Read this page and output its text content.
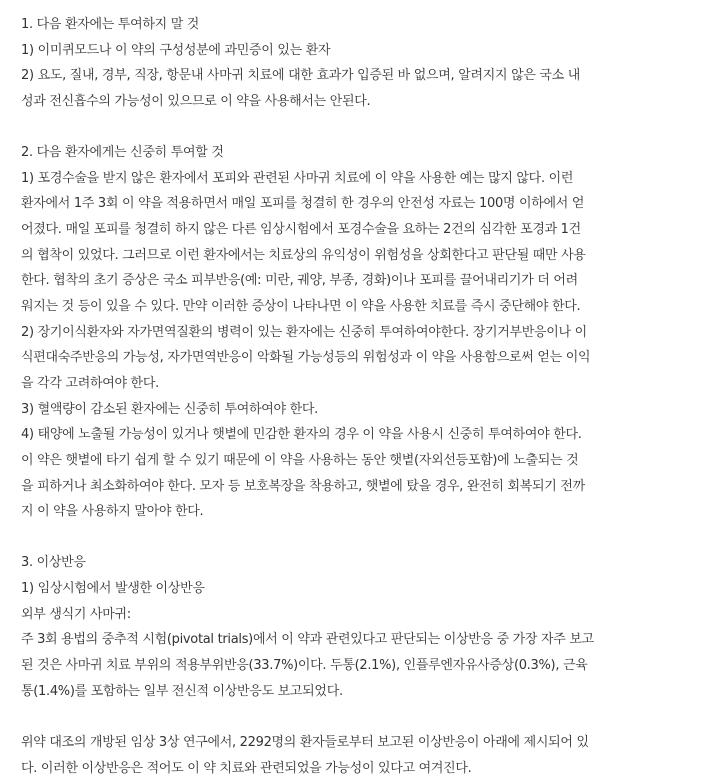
1. 다음 환자에는 투여하지 말 것
1) 이미퀴모드나 이 약의 구성성분에 과민증이 있는 환자
2) 요도, 질내, 경부, 직장, 항문내 사마귀 치료에 대한 효과가 입증된 바 없으며, 알려지지 않은 국소 내
성과 전신흡수의 가능성이 있으므로 이 약을 사용해서는 안된다.
2. 다음 환자에게는 신중히 투여할 것
1) 포경수술을 받지 않은 환자에서 포피와 관련된 사마귀 치료에 이 약을 사용한 예는 많지 않다. 이런
환자에서 1주 3회 이 약을 적용하면서 매일 포피를 청결히 한 경우의 안전성 자료는 100명 이하에서 얻
어졌다. 매일 포피를 청결히 하지 않은 다른 임상시험에서 포경수술을 요하는 2건의 심각한 포경과 1건
의 협착이 있었다. 그러므로 이런 환자에서는 치료상의 유익성이 위험성을 상회한다고 판단될 때만 사용
한다. 협착의 초기 증상은 국소 피부반응(예: 미란, 궤양, 부종, 경화)이나 포피를 끌어내리기가 더 어려
워지는 것 등이 있을 수 있다. 만약 이러한 증상이 나타나면 이 약을 사용한 치료를 즉시 중단해야 한다.
2) 장기이식환자와 자가면역질환의 병력이 있는 환자에는 신중히 투여하여야한다. 장기거부반응이나 이
식편대숙주반응의 가능성, 자가면역반응이 악화될 가능성등의 위험성과 이 약을 사용함으로써 얻는 이익
을 각각 고려하여야 한다.
3) 혈액량이 감소된 환자에는 신중히 투여하여야 한다.
4) 태양에 노출될 가능성이 있거나 햇볕에 민감한 환자의 경우 이 약을 사용시 신중히 투여하여야 한다.
이 약은 햇볕에 타기 쉽게 할 수 있기 때문에 이 약을 사용하는 동안 햇볕(자외선등포함)에 노출되는 것
을 피하거나 최소화하여야 한다. 모자 등 보호복장을 착용하고, 햇볕에 탔을 경우, 완전히 회복되기 전까
지 이 약을 사용하지 말아야 한다.
3. 이상반응
1) 임상시험에서 발생한 이상반응
외부 생식기 사마귀:
주 3회 용법의 중추적 시험(pivotal trials)에서 이 약과 관련있다고 판단되는 이상반응 중 가장 자주 보고
된 것은 사마귀 치료 부위의 적용부위반응(33.7%)이다. 두통(2.1%), 인플루엔자유사증상(0.3%), 근육
통(1.4%)를 포함하는 일부 전신적 이상반응도 보고되었다.
위약 대조의 개방된 임상 3상 연구에서, 2292명의 환자들로부터 보고된 이상반응이 아래에 제시되어 있
다. 이러한 이상반응은 적어도 이 약 치료와 관련되었을 가능성이 있다고 여겨진다.
